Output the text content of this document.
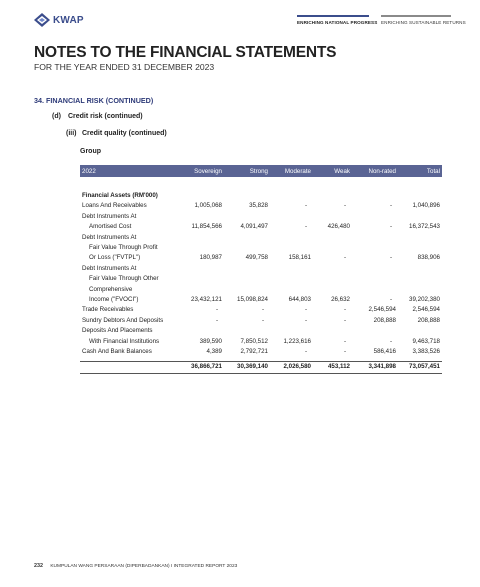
KWAP	ENRICHING NATIONAL PROGRESS ENRICHING SUSTAINABLE RETURNS
NOTES TO THE FINANCIAL STATEMENTS
FOR THE YEAR ENDED 31 DECEMBER 2023
34. FINANCIAL RISK (CONTINUED)
(d) Credit risk (continued)
(iii) Credit quality (continued)
Group
2022	Sovereign	Strong	Moderate	Weak	Non-rated	Total

Financial Assets (RM'000)						
Loans And Receivables	1,005,068	35,828	-	-	-	1,040,896
Debt Instruments At						
Amortised Cost	11,854,566	4,091,497	-	426,480	-	16,372,543
Debt Instruments At						
Fair Value Through Profit						
Or Loss ("FVTPL")	180,987	499,758	158,161	-	-	838,906
Debt Instruments At						
Fair Value Through Other						
Comprehensive						
Income ("FVOCI")	23,432,121	15,098,824	644,803	26,632	-	39,202,380
Trade Receivables	-	-	-	-	2,546,594	2,546,594
Sundry Debtors And Deposits	-	-	-	-	208,888	208,888
Deposits And Placements						
With Financial Institutions	389,590	7,850,512	1,223,616	-	-	9,463,718
Cash And Bank Balances	4,389	2,792,721	-	-	586,416	3,383,526

	36,866,721	30,369,140	2,026,580	453,112	3,341,898	73,057,451
232 KUMPULAN WANG PERSARAAN (DIPERBADANKAN) I INTEGRATED REPORT 2023
